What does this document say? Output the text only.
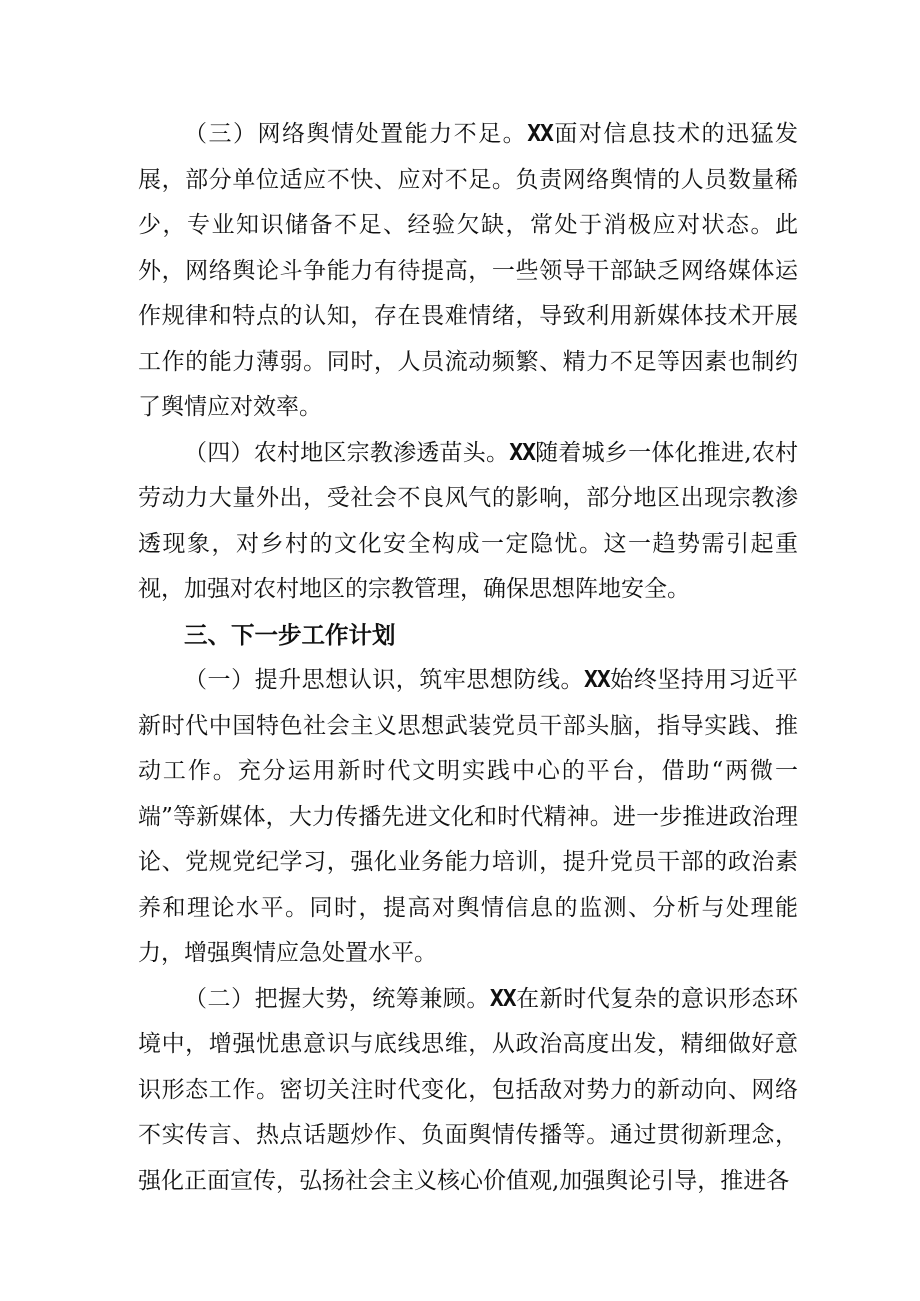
（三）网络舆情处置能力不足。XX面对信息技术的迅猛发展，部分单位适应不快、应对不足。负责网络舆情的人员数量稀少，专业知识储备不足、经验欠缺，常处于消极应对状态。此外，网络舆论斗争能力有待提高，一些领导干部缺乏网络媒体运作规律和特点的认知，存在畏难情绪，导致利用新媒体技术开展工作的能力薄弱。同时，人员流动频繁、精力不足等因素也制约了舆情应对效率。

（四）农村地区宗教渗透苗头。XX随着城乡一体化推进,农村劳动力大量外出，受社会不良风气的影响，部分地区出现宗教渗透现象，对乡村的文化安全构成一定隐忧。这一趋势需引起重视，加强对农村地区的宗教管理，确保思想阵地安全。

三、下一步工作计划

（一）提升思想认识，筑牢思想防线。XX始终坚持用习近平新时代中国特色社会主义思想武装党员干部头脑，指导实践、推动工作。充分运用新时代文明实践中心的平台，借助“两微一端”等新媒体，大力传播先进文化和时代精神。进一步推进政治理论、党规党纪学习，强化业务能力培训，提升党员干部的政治素养和理论水平。同时，提高对舆情信息的监测、分析与处理能力，增强舆情应急处置水平。

（二）把握大势，统筹兼顾。XX在新时代复杂的意识形态环境中，增强忧患意识与底线思维，从政治高度出发，精细做好意识形态工作。密切关注时代变化，包括敌对势力的新动向、网络不实传言、热点话题炒作、负面舆情传播等。通过贯彻新理念，强化正面宣传，弘扬社会主义核心价值观,加强舆论引导，推进各
